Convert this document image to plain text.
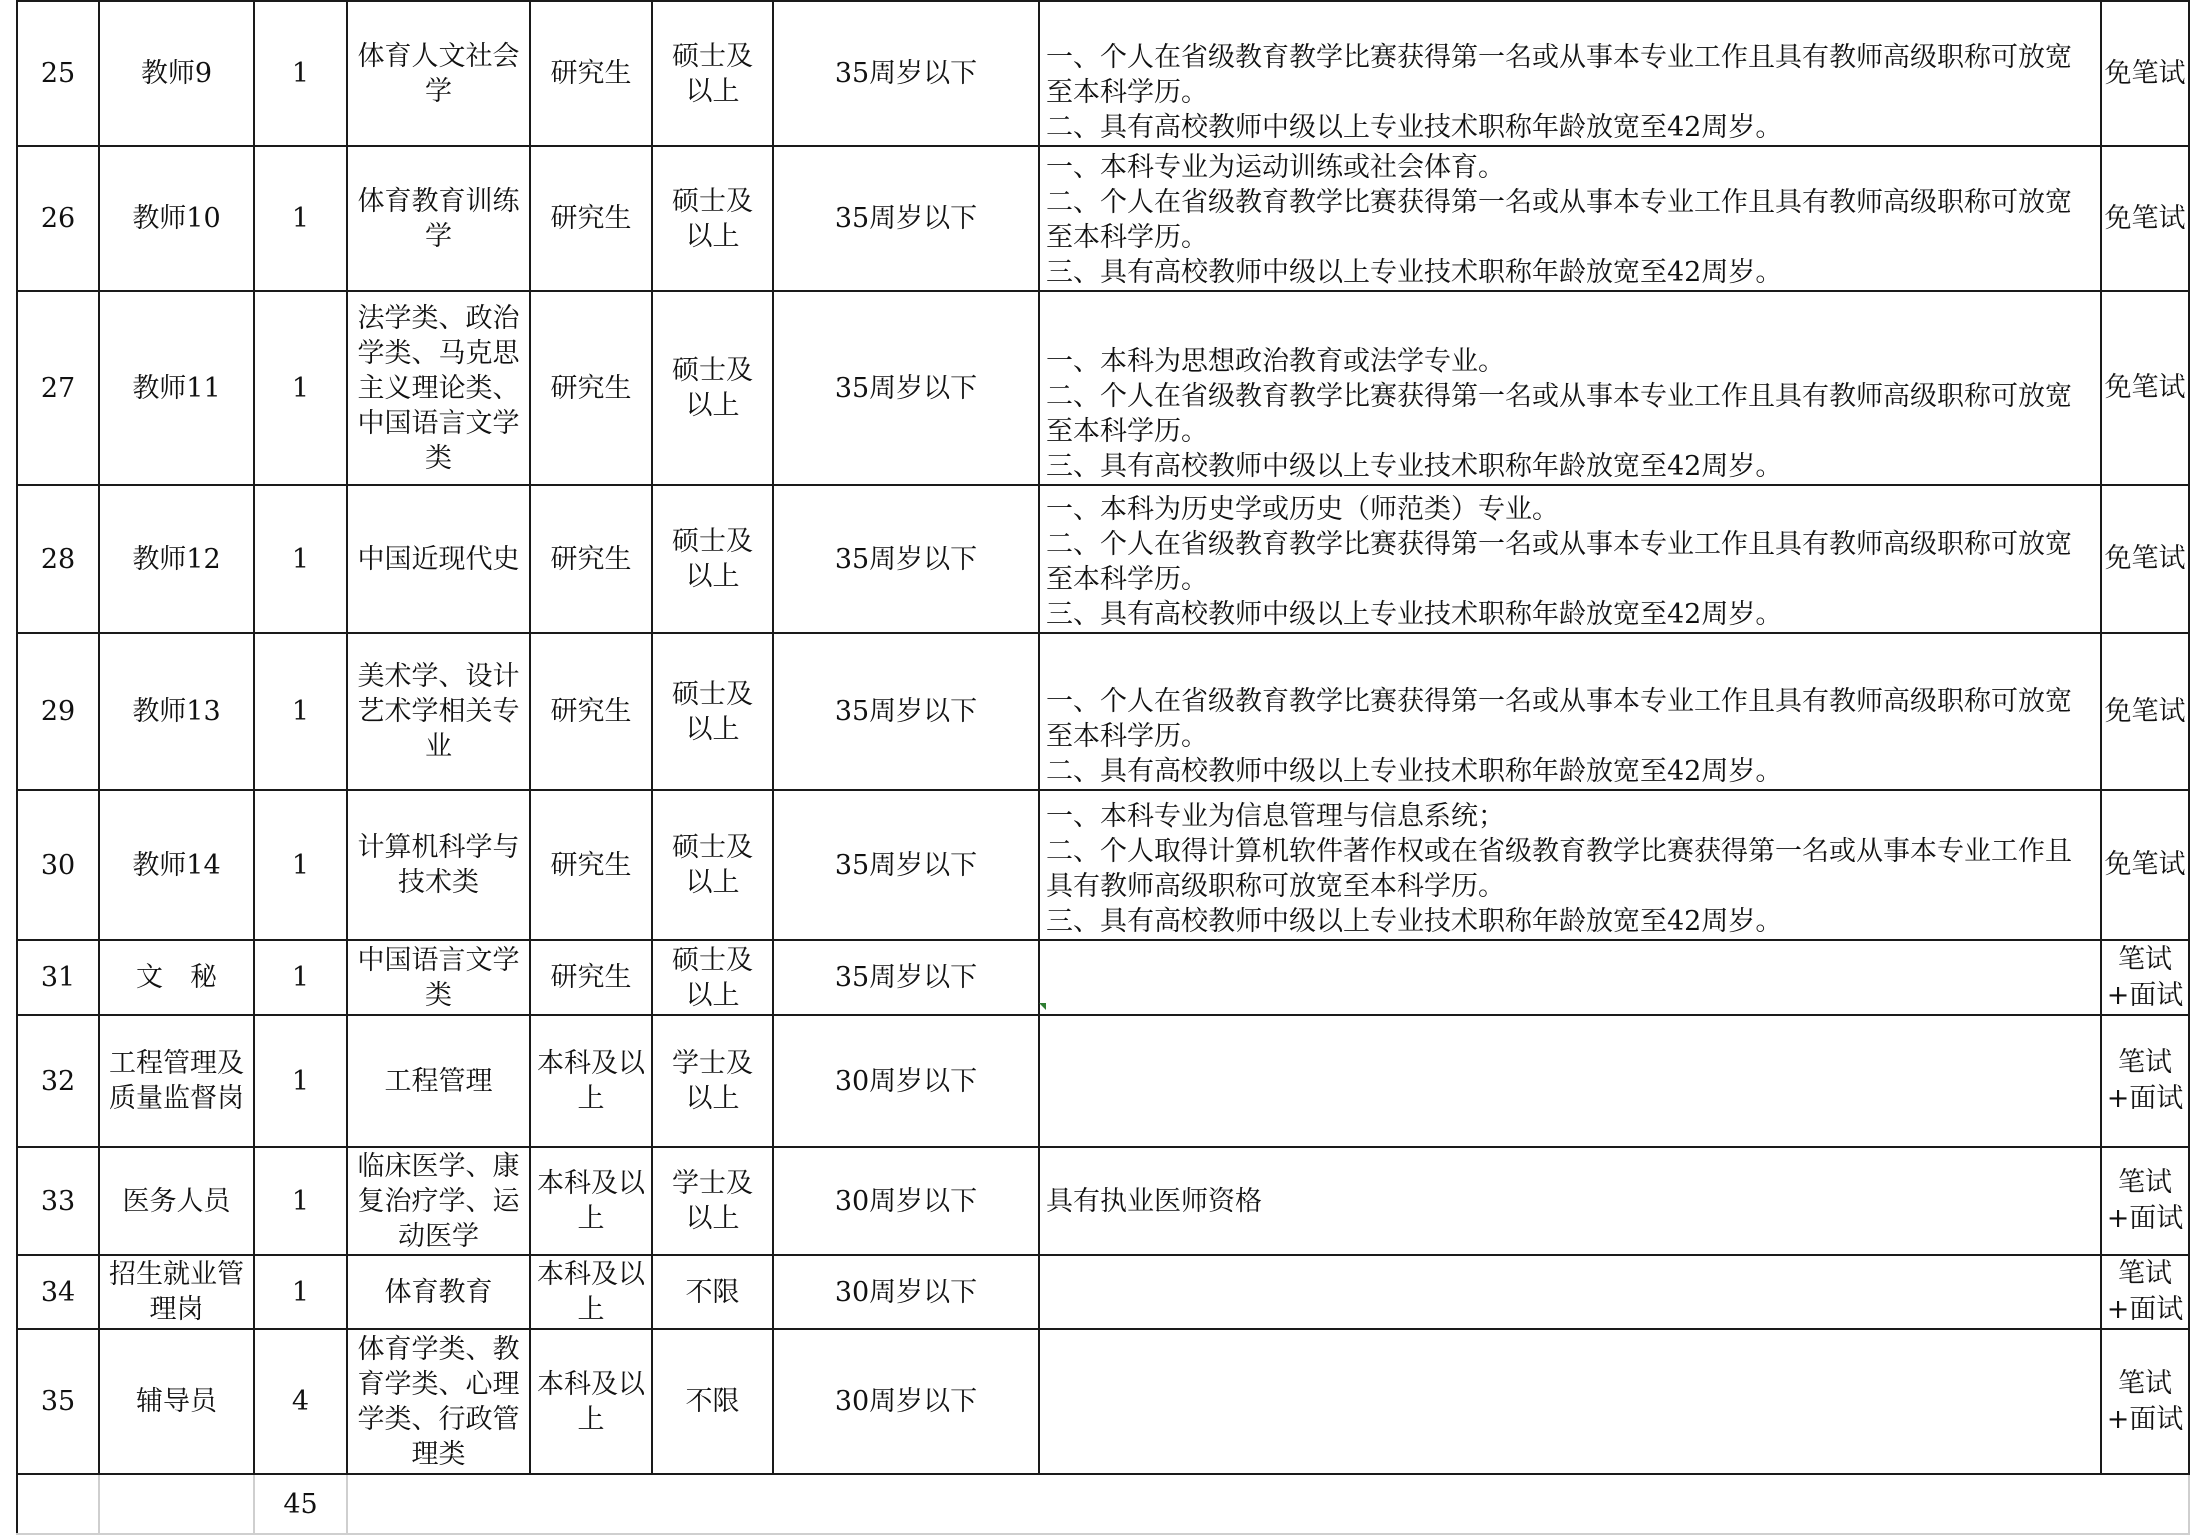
25	教师9	1	体育人文社会学	研究生	硕士及以上	35周岁以下	一、个人在省级教育教学比赛获得第一名或从事本专业工作且具有教师高级职称可放宽至本科学历。
二、具有高校教师中级以上专业技术职称年龄放宽至42周岁。	免笔试
26	教师10	1	体育教育训练学	研究生	硕士及以上	35周岁以下	一、本科专业为运动训练或社会体育。
二、个人在省级教育教学比赛获得第一名或从事本专业工作且具有教师高级职称可放宽至本科学历。
三、具有高校教师中级以上专业技术职称年龄放宽至42周岁。	免笔试
27	教师11	1	法学类、政治学类、马克思主义理论类、中国语言文学类	研究生	硕士及以上	35周岁以下	一、本科为思想政治教育或法学专业。
二、个人在省级教育教学比赛获得第一名或从事本专业工作且具有教师高级职称可放宽至本科学历。
三、具有高校教师中级以上专业技术职称年龄放宽至42周岁。	免笔试
28	教师12	1	中国近现代史	研究生	硕士及以上	35周岁以下	一、本科为历史学或历史（师范类）专业。
二、个人在省级教育教学比赛获得第一名或从事本专业工作且具有教师高级职称可放宽至本科学历。
三、具有高校教师中级以上专业技术职称年龄放宽至42周岁。	免笔试
29	教师13	1	美术学、设计艺术学相关专业	研究生	硕士及以上	35周岁以下	一、个人在省级教育教学比赛获得第一名或从事本专业工作且具有教师高级职称可放宽至本科学历。
二、具有高校教师中级以上专业技术职称年龄放宽至42周岁。	免笔试
30	教师14	1	计算机科学与技术类	研究生	硕士及以上	35周岁以下	一、本科专业为信息管理与信息系统；
二、个人取得计算机软件著作权或在省级教育教学比赛获得第一名或从事本专业工作且具有教师高级职称可放宽至本科学历。
三、具有高校教师中级以上专业技术职称年龄放宽至42周岁。	免笔试
31	文　秘	1	中国语言文学类	研究生	硕士及以上	35周岁以下		笔试+面试
32	工程管理及质量监督岗	1	工程管理	本科及以上	学士及以上	30周岁以下		笔试+面试
33	医务人员	1	临床医学、康复治疗学、运动医学	本科及以上	学士及以上	30周岁以下	具有执业医师资格	笔试+面试
34	招生就业管理岗	1	体育教育	本科及以上	不限	30周岁以下		笔试+面试
35	辅导员	4	体育学类、教育学类、心理学类、行政管理类	本科及以上	不限	30周岁以下		笔试+面试
		45						
